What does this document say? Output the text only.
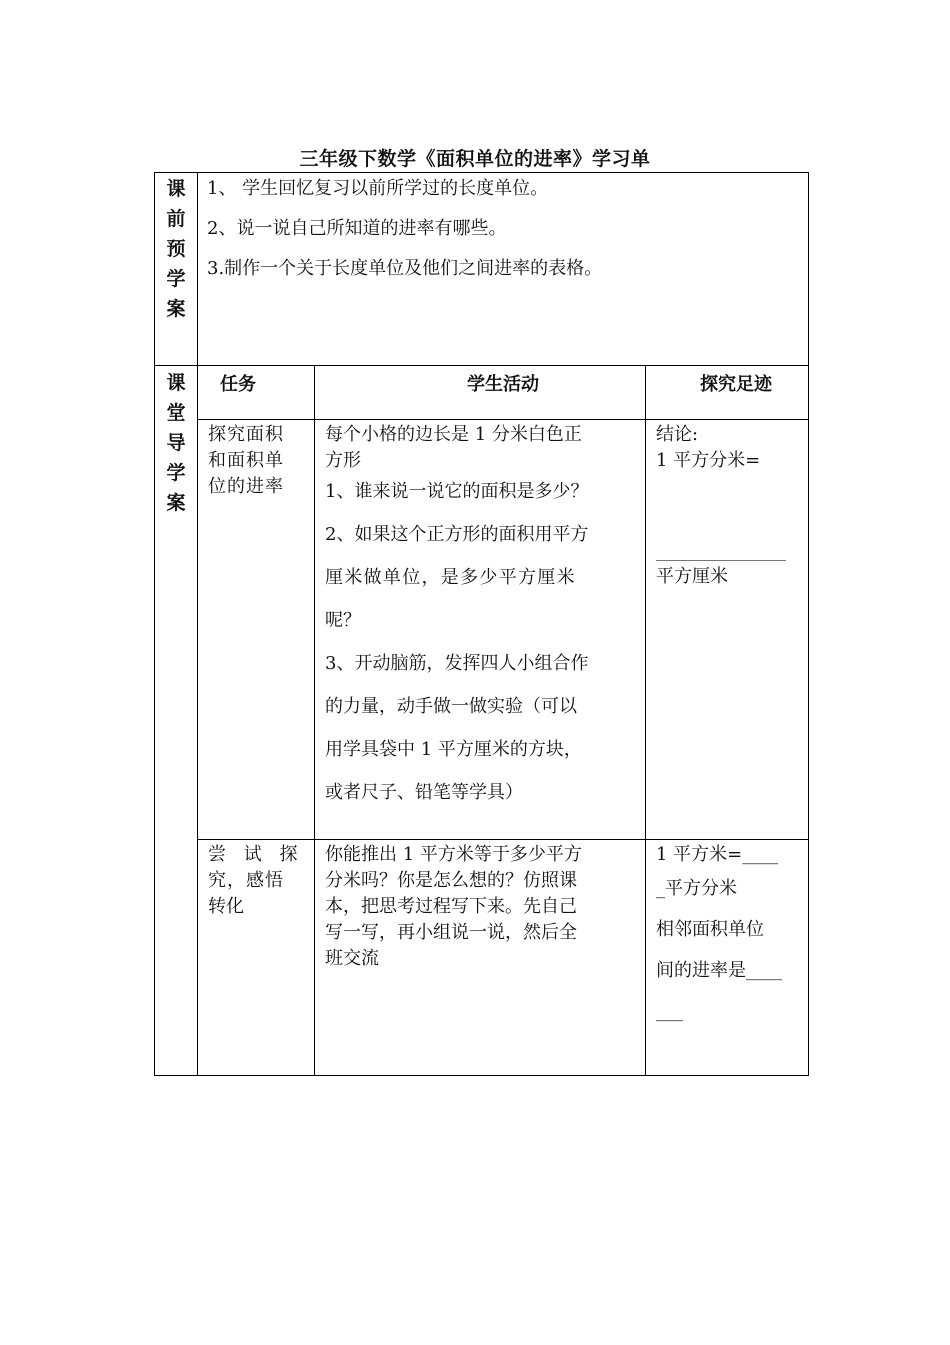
三年级下数学《面积单位的进率》学习单
课
前
预
学
案
1、 学生回忆复习以前所学过的长度单位。
2、说一说自己所知道的进率有哪些。
3.制作一个关于长度单位及他们之间进率的表格。
课
堂
导
学
案
任务	学生活动	探究足迹
探究面积
和面积单
位的进率
每个小格的边长是 1 分米白色正
方形
1、谁来说一说它的面积是多少？
2、如果这个正方形的面积用平方
厘米做单位，是多少平方厘米
呢？
3、开动脑筋，发挥四人小组合作
的力量，动手做一做实验（可以
用学具袋中 1 平方厘米的方块，
或者尺子、铅笔等学具）
结论:
1 平方分米=
平方厘米
尝 试 探
究，感悟
转化
你能推出 1 平方米等于多少平方
分米吗？你是怎么想的？仿照课
本，把思考过程写下来。先自己
写一写，再小组说一说，然后全
班交流
1 平方米=____
_平方分米
相邻面积单位
间的进率是____
___
